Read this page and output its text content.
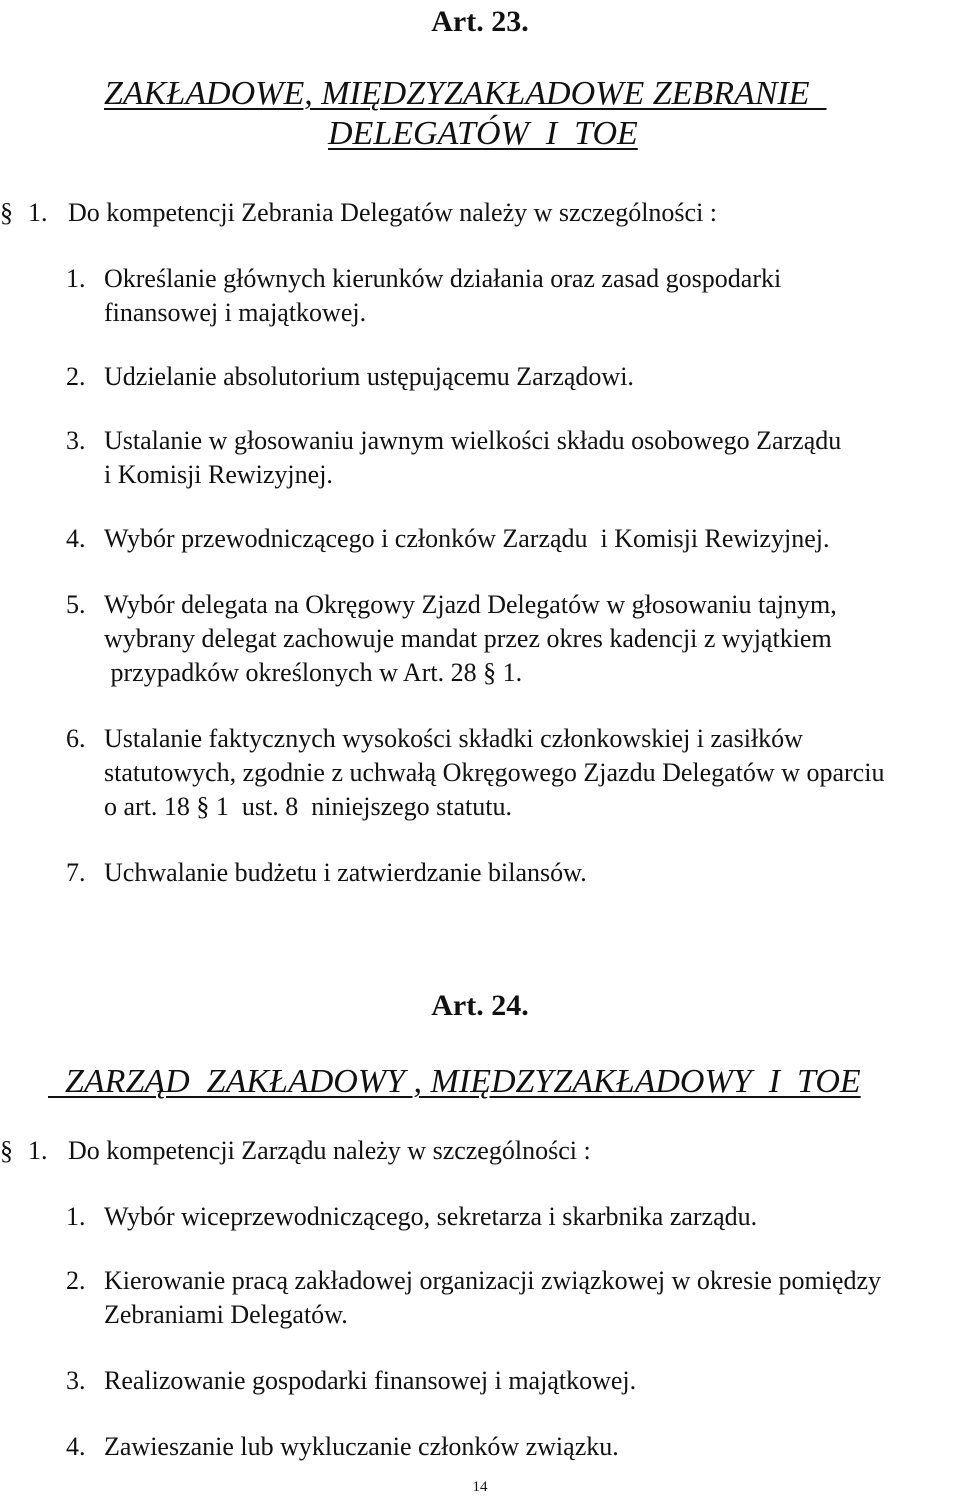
Art. 23.
ZAKŁADOWE, MIĘDZYZAKŁADOWE ZEBRANIE
DELEGATÓW  I  TOE
§ 1. Do kompetencji Zebrania Delegatów należy w szczególności :
1. Określanie głównych kierunków działania oraz zasad gospodarki
finansowej i majątkowej.
2. Udzielanie absolutorium ustępującemu Zarządowi.
3. Ustalanie w głosowaniu jawnym wielkości składu osobowego Zarządu
i Komisji Rewizyjnej.
4. Wybór przewodniczącego i członków Zarządu  i Komisji Rewizyjnej.
5. Wybór delegata na Okręgowy Zjazd Delegatów w głosowaniu tajnym,
wybrany delegat zachowuje mandat przez okres kadencji z wyjątkiem
przypadków określonych w Art. 28 § 1.
6. Ustalanie faktycznych wysokości składki członkowskiej i zasiłków
statutowych, zgodnie z uchwałą Okręgowego Zjazdu Delegatów w oparciu
o art. 18 § 1  ust. 8  niniejszego statutu.
7. Uchwalanie budżetu i zatwierdzanie bilansów.
Art. 24.
ZARZĄD  ZAKŁADOWY , MIĘDZYZAKŁADOWY  I  TOE
§ 1. Do kompetencji Zarządu należy w szczególności :
1. Wybór wiceprzewodniczącego, sekretarza i skarbnika zarządu.
2. Kierowanie pracą zakładowej organizacji związkowej w okresie pomiędzy
Zebraniami Delegatów.
3. Realizowanie gospodarki finansowej i majątkowej.
4. Zawieszanie lub wykluczanie członków związku.
14
